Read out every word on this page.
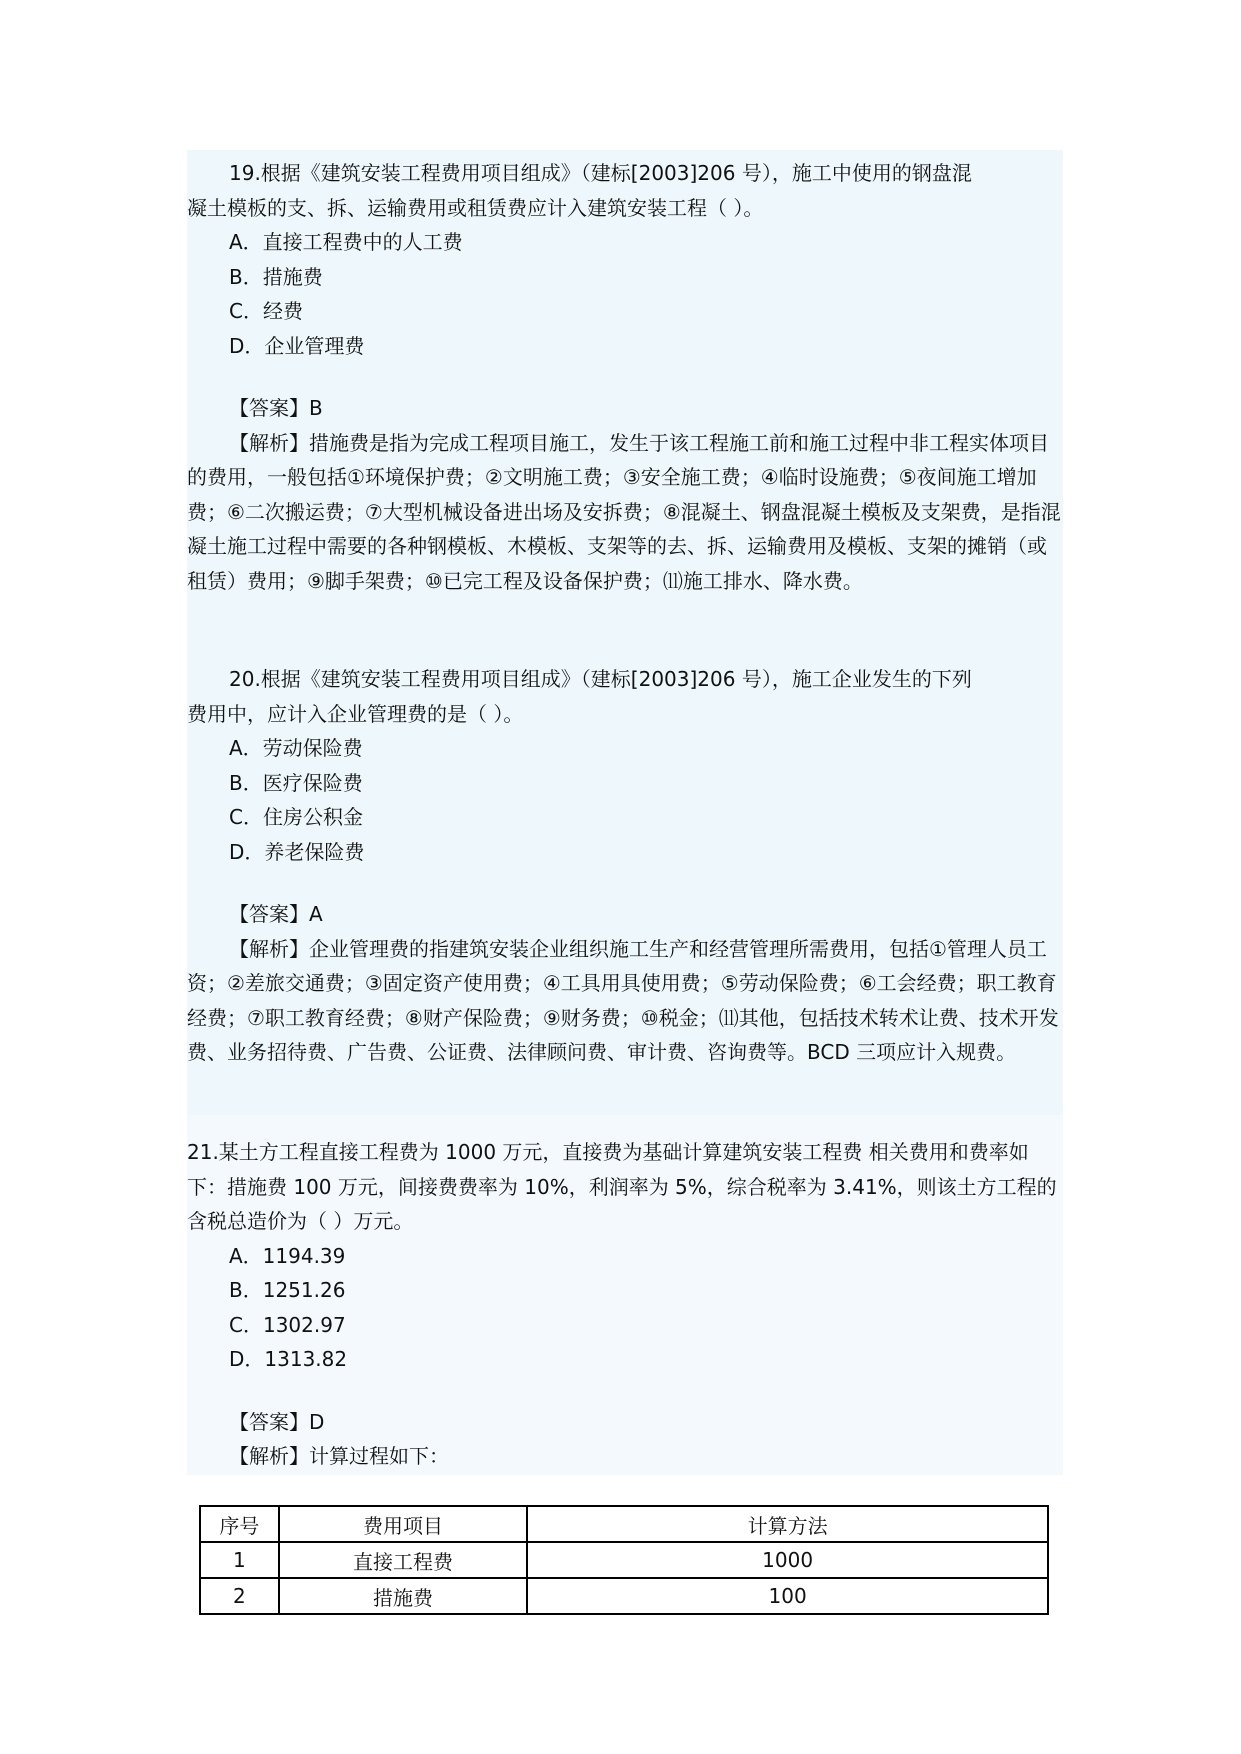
19.根据《建筑安装工程费用项目组成》（建标[2003]206 号），施工中使用的钢盘混

凝土模板的支、拆、运输费用或租赁费应计入建筑安装工程（ ）。

A．直接工程费中的人工费

B．措施费

C．经费

D．企业管理费

【答案】B

【解析】措施费是指为完成工程项目施工，发生于该工程施工前和施工过程中非工程实体项目的费用，一般包括①环境保护费；②文明施工费；③安全施工费；④临时设施费；⑤夜间施工增加费；⑥二次搬运费；⑦大型机械设备进出场及安拆费；⑧混凝土、钢盘混凝土模板及支架费，是指混凝土施工过程中需要的各种钢模板、木模板、支架等的去、拆、运输费用及模板、支架的摊销（或租赁）费用；⑨脚手架费；⑩已完工程及设备保护费；⑾施工排水、降水费。

20.根据《建筑安装工程费用项目组成》（建标[2003]206 号），施工企业发生的下列

费用中，应计入企业管理费的是（ ）。

A．劳动保险费

B．医疗保险费

C．住房公积金

D．养老保险费

【答案】A

【解析】企业管理费的指建筑安装企业组织施工生产和经营管理所需费用，包括①管理人员工资；②差旅交通费；③固定资产使用费；④工具用具使用费；⑤劳动保险费；⑥工会经费；职工教育经费；⑦职工教育经费；⑧财产保险费；⑨财务费；⑩税金；⑾其他，包括技术转术让费、技术开发费、业务招待费、广告费、公证费、法律顾问费、审计费、咨询费等。BCD 三项应计入规费。

21.某土方工程直接工程费为 1000 万元，直接费为基础计算建筑安装工程费 相关费用和费率如下：措施费 100 万元，间接费费率为 10%，利润率为 5%，综合税率为 3.41%，则该土方工程的含税总造价为（ ）万元。

A．1194.39

B．1251.26

C．1302.97

D．1313.82

【答案】D

【解析】计算过程如下：

序号	费用项目	计算方法
1	直接工程费	1000
2	措施费	100
